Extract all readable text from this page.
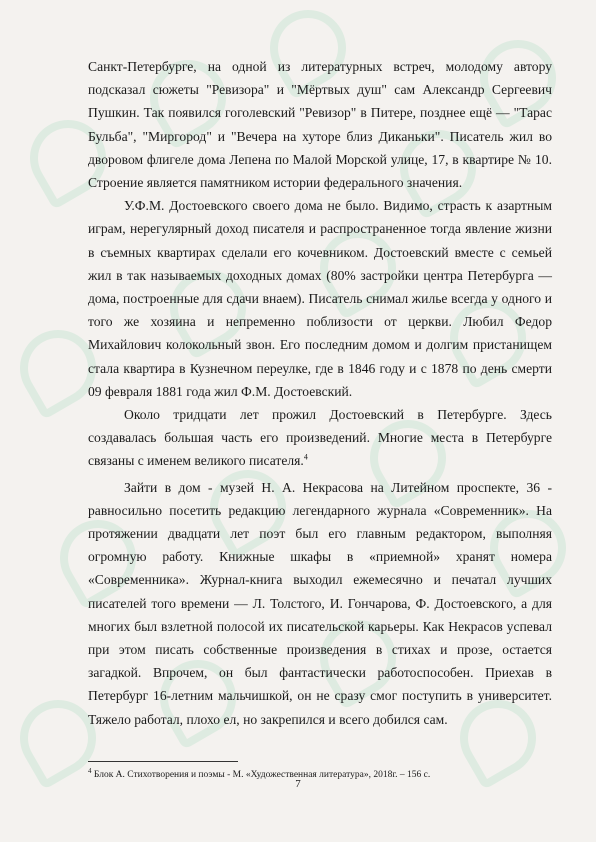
Санкт-Петербурге, на одной из литературных встреч, молодому автору подсказал сюжеты "Ревизора" и "Мёртвых душ" сам Александр Сергеевич Пушкин. Так появился гоголевский "Ревизор" в Питере, позднее ещё — "Тарас Бульба", "Миргород" и "Вечера на хуторе близ Диканьки". Писатель жил во дворовом флигеле дома Лепена по Малой Морской улице, 17, в квартире № 10. Строение является памятником истории федерального значения.

У.Ф.М. Достоевского своего дома не было. Видимо, страсть к азартным играм, нерегулярный доход писателя и распространенное тогда явление жизни в съемных квартирах сделали его кочевником. Достоевский вместе с семьей жил в так называемых доходных домах (80% застройки центра Петербурга — дома, построенные для сдачи внаем). Писатель снимал жилье всегда у одного и того же хозяина и непременно поблизости от церкви. Любил Федор Михайлович колокольный звон. Его последним домом и долгим пристанищем стала квартира в Кузнечном переулке, где в 1846 году и с 1878 по день смерти 09 февраля 1881 года жил Ф.М. Достоевский.

Около тридцати лет прожил Достоевский в Петербурге. Здесь создавалась большая часть его произведений. Многие места в Петербурге связаны с именем великого писателя.$^4$

Зайти в дом - музей Н. А. Некрасова на Литейном проспекте, 36 - равносильно посетить редакцию легендарного журнала «Современник». На протяжении двадцати лет поэт был его главным редактором, выполняя огромную работу. Книжные шкафы в «приемной» хранят номера «Современника». Журнал-книга выходил ежемесячно и печатал лучших писателей того времени — Л. Толстого, И. Гончарова, Ф. Достоевского, а для многих был взлетной полосой их писательской карьеры. Как Некрасов успевал при этом писать собственные произведения в стихах и прозе, остается загадкой. Впрочем, он был фантастически работоспособен. Приехав в Петербург 16-летним мальчишкой, он не сразу смог поступить в университет. Тяжело работал, плохо ел, но закрепился и всего добился сам.

$^4$ Блок А. Стихотворения и поэмы - М. «Художественная литература», 2018г. – 156 с.
7
